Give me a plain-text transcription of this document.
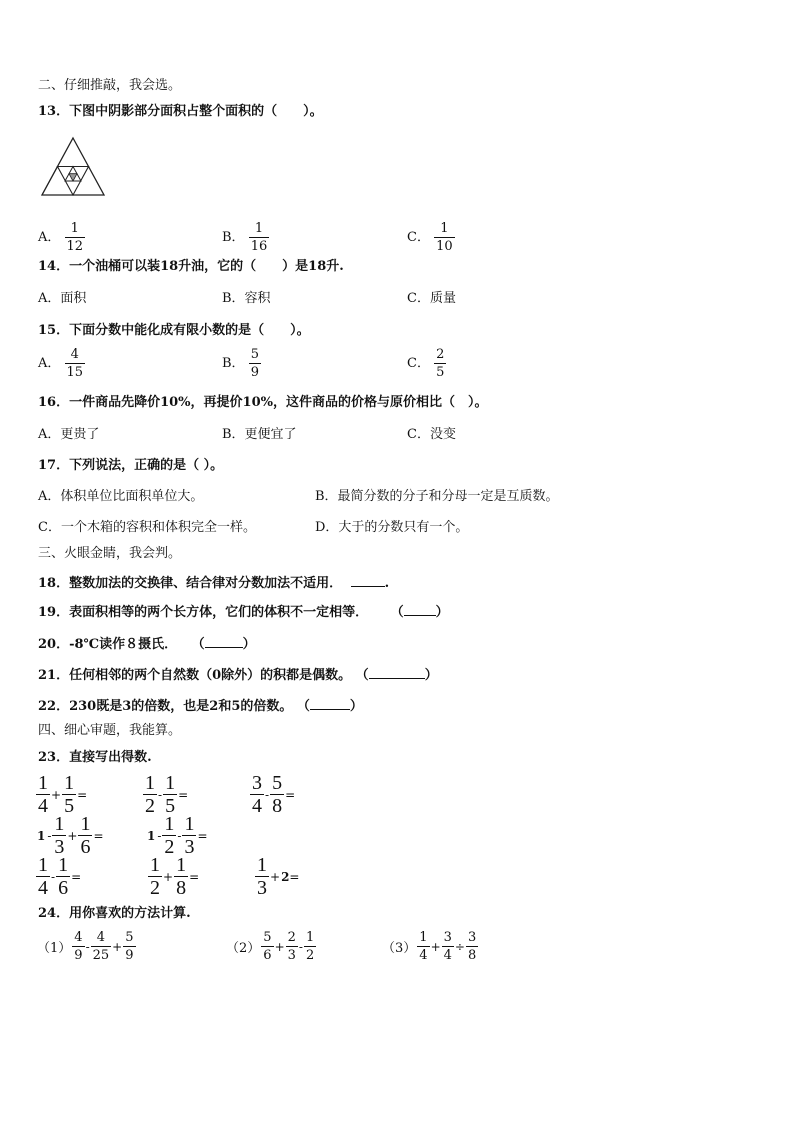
二、仔细推敲，我会选。
13．下图中阴影部分面积占整个面积的（　　）。
A． $\frac{1}{12}$	B． $\frac{1}{16}$	C． $\frac{1}{10}$
14．一个油桶可以装18升油，它的（　　）是18升.
A．面积	B．容积	C．质量
15．下面分数中能化成有限小数的是（　　）。
A． $\frac{4}{15}$	B． $\frac{5}{9}$	C． $\frac{2}{5}$
16．一件商品先降价10%，再提价10%，这件商品的价格与原价相比（　）。
A．更贵了	B．更便宜了	C．没变
17．下列说法，正确的是（ ）。
A．体积单位比面积单位大。	B．最简分数的分子和分母一定是互质数。
C．一个木箱的容积和体积完全一样。	D．大于的分数只有一个。
三、火眼金睛，我会判。
18．整数加法的交换律、结合律对分数加法不适用．	.
19．表面积相等的两个长方体，它们的体积不一定相等． （ ）
20．-8℃读作８摄氏． （	）
21．任何相邻的两个自然数（0除外）的积都是偶数。 （	）
22．230既是3的倍数，也是2和5的倍数。 （	）
四、细心审题，我能算。
23．直接写出得数.
$\frac{1}{4} + \frac{1}{5}$ =	$\frac{1}{2} - \frac{1}{5}$ =	$\frac{3}{4} - \frac{5}{8}$ =
$1 - \frac{1}{3} + \frac{1}{6}$ =	$1 - \frac{1}{2} - \frac{1}{3}$ =
$\frac{1}{4} - \frac{1}{6}$ =	$\frac{1}{2} + \frac{1}{8}$ =	$\frac{1}{3} + 2$ =
24．用你喜欢的方法计算.
$(1) \frac{4}{9} - \frac{4}{25} + \frac{5}{9}$	$(2) \frac{5}{6} + \frac{2}{3} - \frac{1}{2}$	$(3) \frac{1}{4} + \frac{3}{4} \div \frac{3}{8}$
